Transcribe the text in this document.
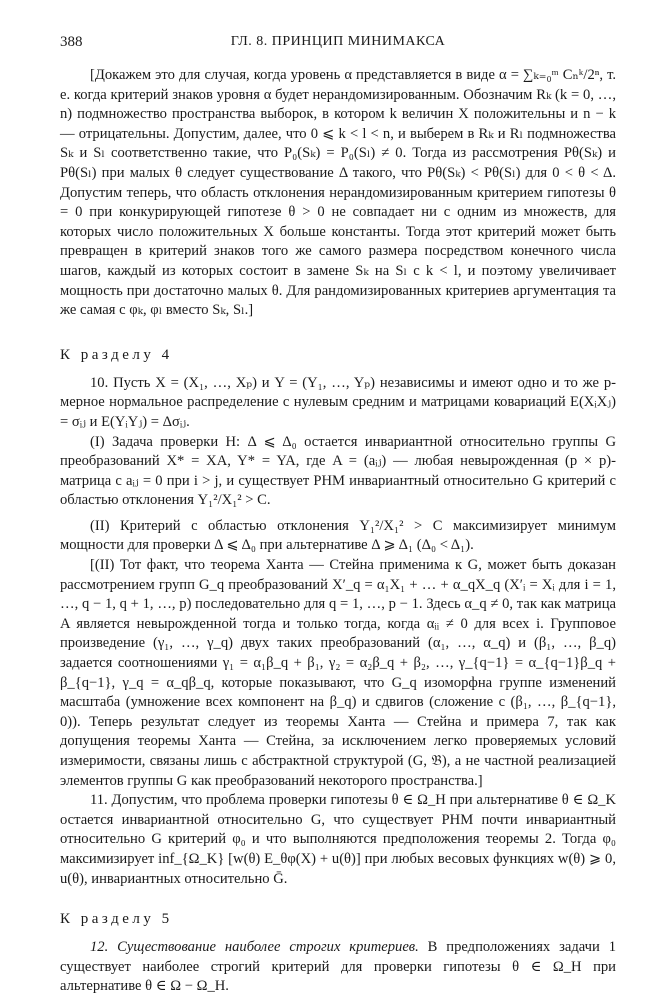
388	ГЛ. 8. ПРИНЦИП МИНИМАКСА

[Докажем это для случая, когда уровень α представляется в виде α = ∑ₖ₌₀ᵐ Cₙᵏ/2ⁿ, т. е. когда критерий знаков уровня α будет нерандомизированным. Обозначим Rₖ (k = 0, …, n) подмножество пространства выборок, в котором k величин X положительны и n − k — отрицательны. Допустим, далее, что 0 ⩽ k < l < n, и выберем в Rₖ и Rₗ подмножества Sₖ и Sₗ соответственно такие, что P₀(Sₖ) = P₀(Sₗ) ≠ 0. Тогда из рассмотрения Pθ(Sₖ) и Pθ(Sₗ) при малых θ следует существование Δ такого, что Pθ(Sₖ) < Pθ(Sₗ) для 0 < θ < Δ. Допустим теперь, что область отклонения нерандомизированным критерием гипотезы θ = 0 при конкурирующей гипотезе θ > 0 не совпадает ни с одним из множеств, для которых число положительных X больше константы. Тогда этот критерий может быть превращен в критерий знаков того же самого размера посредством конечного числа шагов, каждый из которых состоит в замене Sₖ на Sₗ с k < l, и поэтому увеличивает мощность при достаточно малых θ. Для рандомизированных критериев аргументация та же самая с φₖ, φₗ вместо Sₖ, Sₗ.]

К разделу 4

10. Пусть X = (X₁, …, Xₚ) и Y = (Y₁, …, Yₚ) независимы и имеют одно и то же p-мерное нормальное распределение с нулевым средним и матрицами ковариаций E(XᵢXⱼ) = σᵢⱼ и E(YᵢYⱼ) = Δσᵢⱼ.

(I) Задача проверки H: Δ ⩽ Δ₀ остается инвариантной относительно группы G преобразований X* = XA, Y* = YA, где A = (aᵢⱼ) — любая невырожденная (p × p)-матрица с aᵢⱼ = 0 при i > j, и существует РНМ инвариантный относительно G критерий с областью отклонения Y₁²/X₁² > C.

(II) Критерий с областью отклонения Y₁²/X₁² > C максимизирует минимум мощности для проверки Δ ⩽ Δ₀ при альтернативе Δ ⩾ Δ₁ (Δ₀ < Δ₁).

[(II) Тот факт, что теорема Ханта — Стейна применима к G, может быть доказан рассмотрением групп G_q преобразований X′_q = α₁X₁ + … + α_qX_q (X′ᵢ = Xᵢ для i = 1, …, q − 1, q + 1, …, p) последовательно для q = 1, …, p − 1. Здесь α_q ≠ 0, так как матрица A является невырожденной тогда и только тогда, когда αᵢᵢ ≠ 0 для всех i. Групповое произведение (γ₁, …, γ_q) двух таких преобразований (α₁, …, α_q) и (β₁, …, β_q) задается соотношениями γ₁ = α₁β_q + β₁, γ₂ = α₂β_q + β₂, …, γ_{q−1} = α_{q−1}β_q + β_{q−1}, γ_q = α_qβ_q, которые показывают, что G_q изоморфна группе изменений масштаба (умножение всех компонент на β_q) и сдвигов (сложение с (β₁, …, β_{q−1}, 0)). Теперь результат следует из теоремы Ханта — Стейна и примера 7, так как допущения теоремы Ханта — Стейна, за исключением легко проверяемых условий измеримости, связаны лишь с абстрактной структурой (G, 𝔅), а не частной реализацией элементов группы G как преобразований некоторого пространства.]

11. Допустим, что проблема проверки гипотезы θ ∈ Ω_H при альтернативе θ ∈ Ω_K остается инвариантной относительно G, что существует РНМ почти инвариантный относительно G критерий φ₀ и что выполняются предположения теоремы 2. Тогда φ₀ максимизирует inf_{Ω_K} [w(θ) E_θφ(X) + u(θ)] при любых весовых функциях w(θ) ⩾ 0, u(θ), инвариантных относительно Ḡ.

К разделу 5

12. Существование наиболее строгих критериев. В предположениях задачи 1 существует наиболее строгий критерий для проверки гипотезы θ ∈ Ω_H при альтернативе θ ∈ Ω − Ω_H.
